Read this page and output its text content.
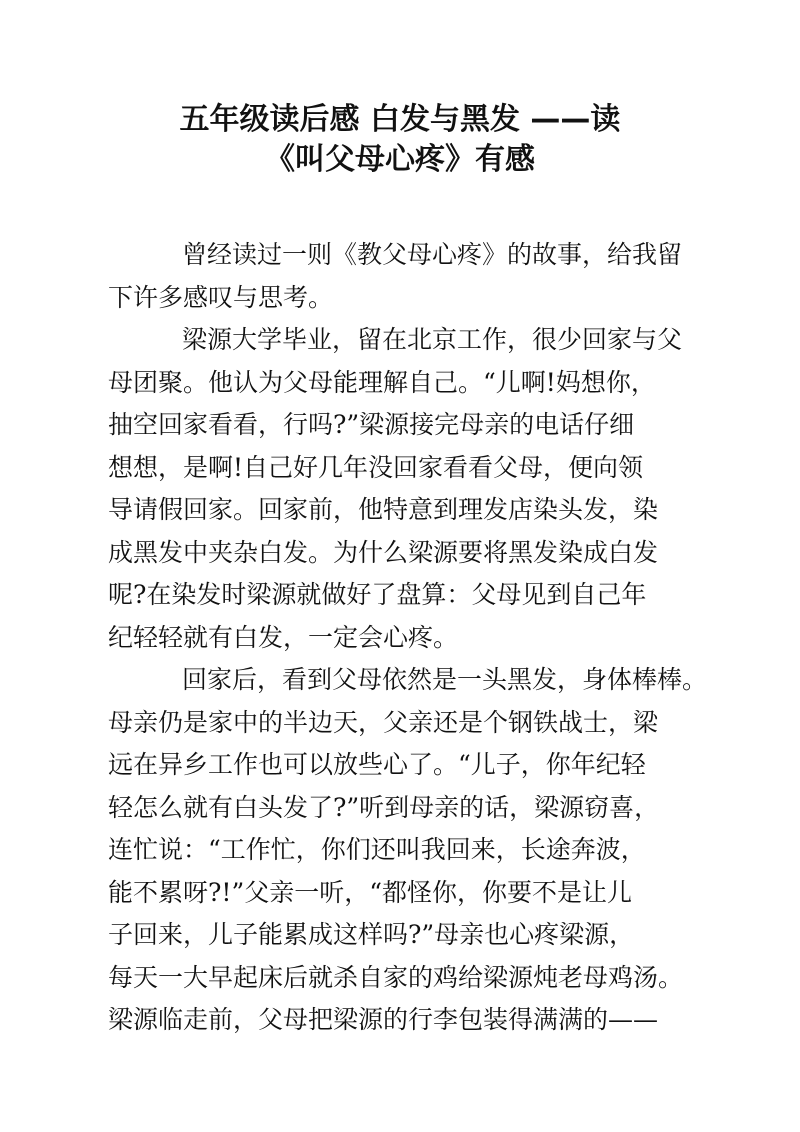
五年级读后感 白发与黑发 ——读
《叫父母心疼》有感
曾经读过一则《教父母心疼》的故事，给我留
下许多感叹与思考。
梁源大学毕业，留在北京工作，很少回家与父
母团聚。他认为父母能理解自己。“儿啊!妈想你，
抽空回家看看，行吗?”梁源接完母亲的电话仔细
想想，是啊!自己好几年没回家看看父母，便向领
导请假回家。回家前，他特意到理发店染头发，染
成黑发中夹杂白发。为什么梁源要将黑发染成白发
呢?在染发时梁源就做好了盘算：父母见到自己年
纪轻轻就有白发，一定会心疼。
回家后，看到父母依然是一头黑发，身体棒棒。
母亲仍是家中的半边天，父亲还是个钢铁战士，梁
远在异乡工作也可以放些心了。“儿子，你年纪轻
轻怎么就有白头发了?”听到母亲的话，梁源窃喜，
连忙说：“工作忙，你们还叫我回来，长途奔波，
能不累呀?!”父亲一听，“都怪你，你要不是让儿
子回来，儿子能累成这样吗?”母亲也心疼梁源，
每天一大早起床后就杀自家的鸡给梁源炖老母鸡汤。
梁源临走前，父母把梁源的行李包装得满满的——
